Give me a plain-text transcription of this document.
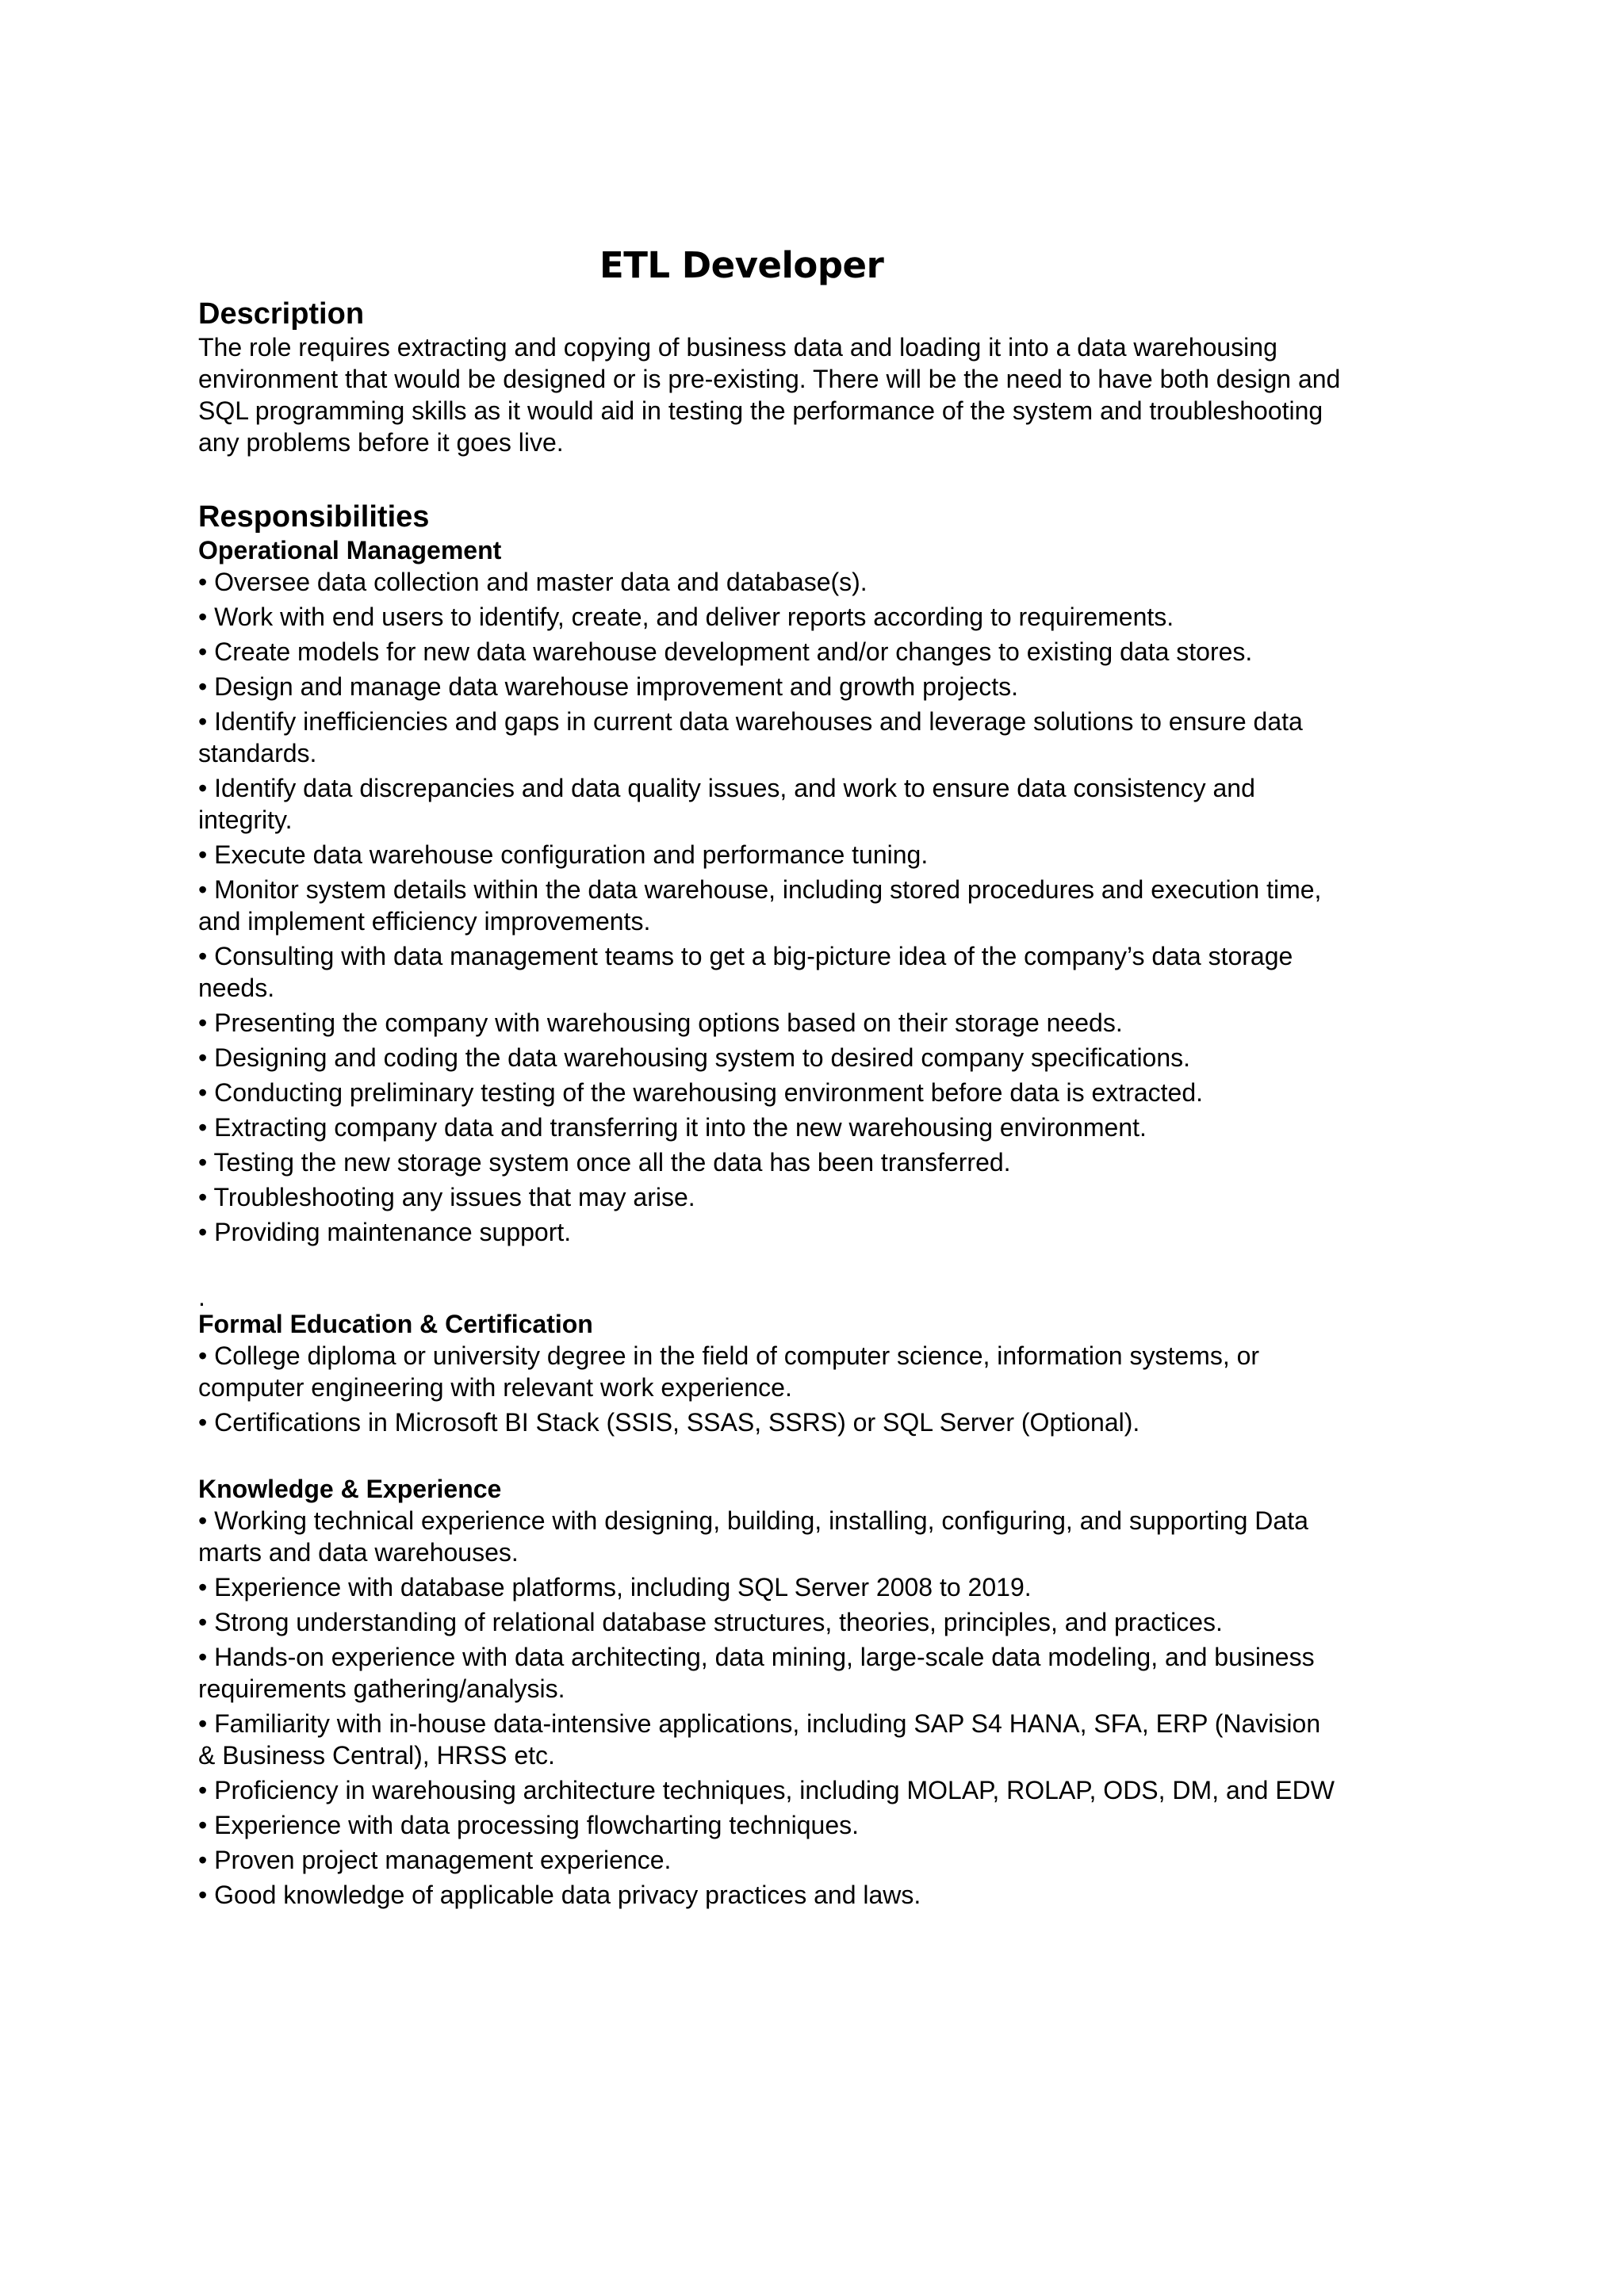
ETL Developer
Description
The role requires extracting and copying of business data and loading it into a data warehousing
environment that would be designed or is pre-existing. There will be the need to have both design and
SQL programming skills as it would aid in testing the performance of the system and troubleshooting
any problems before it goes live.
Responsibilities
Operational Management
• Oversee data collection and master data and database(s).
• Work with end users to identify, create, and deliver reports according to requirements.
• Create models for new data warehouse development and/or changes to existing data stores.
• Design and manage data warehouse improvement and growth projects.
• Identify inefficiencies and gaps in current data warehouses and leverage solutions to ensure data
standards.
• Identify data discrepancies and data quality issues, and work to ensure data consistency and
integrity.
• Execute data warehouse configuration and performance tuning.
• Monitor system details within the data warehouse, including stored procedures and execution time,
and implement efficiency improvements.
• Consulting with data management teams to get a big-picture idea of the company’s data storage
needs.
• Presenting the company with warehousing options based on their storage needs.
• Designing and coding the data warehousing system to desired company specifications.
• Conducting preliminary testing of the warehousing environment before data is extracted.
• Extracting company data and transferring it into the new warehousing environment.
• Testing the new storage system once all the data has been transferred.
• Troubleshooting any issues that may arise.
• Providing maintenance support.

.

Formal Education & Certification
• College diploma or university degree in the field of computer science, information systems, or
computer engineering with relevant work experience.
• Certifications in Microsoft BI Stack (SSIS, SSAS, SSRS) or SQL Server (Optional).
Knowledge & Experience
• Working technical experience with designing, building, installing, configuring, and supporting Data
marts and data warehouses.
• Experience with database platforms, including SQL Server 2008 to 2019.
• Strong understanding of relational database structures, theories, principles, and practices.
• Hands-on experience with data architecting, data mining, large-scale data modeling, and business
requirements gathering/analysis.
• Familiarity with in-house data-intensive applications, including SAP S4 HANA, SFA, ERP (Navision
& Business Central), HRSS etc.
• Proficiency in warehousing architecture techniques, including MOLAP, ROLAP, ODS, DM, and EDW
• Experience with data processing flowcharting techniques.
• Proven project management experience.
• Good knowledge of applicable data privacy practices and laws.
